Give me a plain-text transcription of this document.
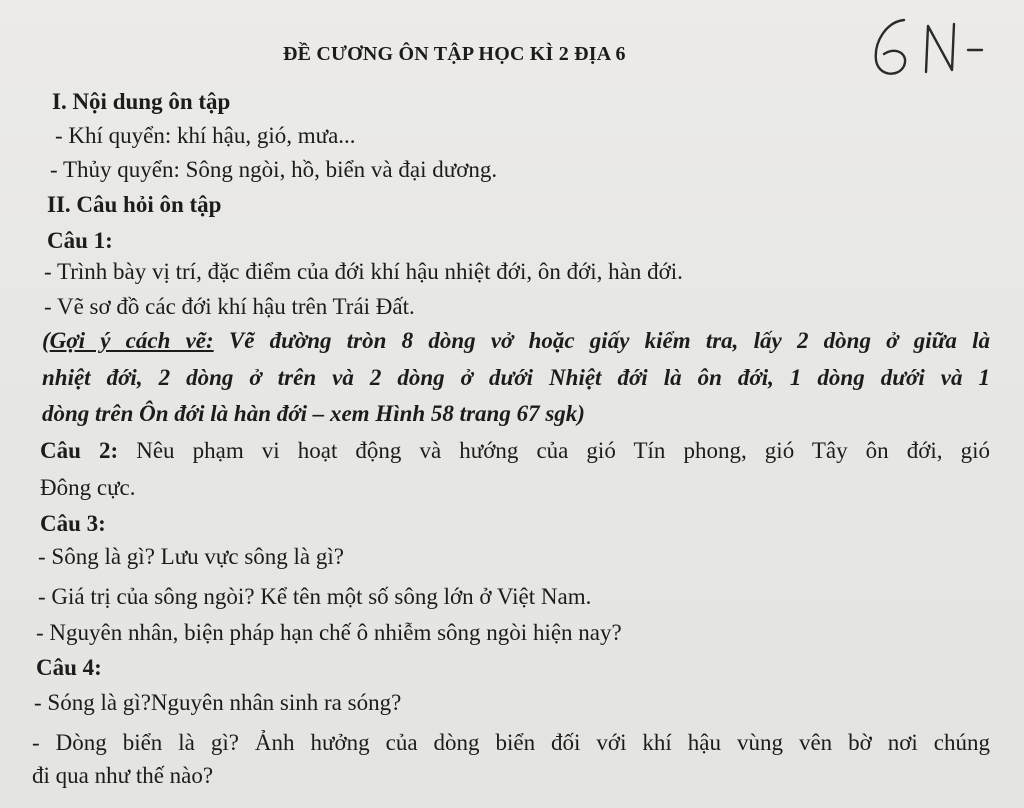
ĐỀ CƯƠNG ÔN TẬP HỌC KÌ 2 ĐỊA 6
I. Nội dung ôn tập
- Khí quyển: khí hậu, gió, mưa...
- Thủy quyển: Sông ngòi, hồ, biển và đại dương.
II. Câu hỏi ôn tập
Câu 1:
- Trình bày vị trí, đặc điểm của đới khí hậu nhiệt đới, ôn đới, hàn đới.
- Vẽ sơ đồ các đới khí hậu trên Trái Đất.
(Gợi ý cách vẽ: Vẽ đường tròn 8 dòng vở hoặc giấy kiểm tra, lấy 2 dòng ở giữa là
nhiệt đới, 2 dòng ở trên và 2 dòng ở dưới Nhiệt đới là ôn đới, 1 dòng dưới và 1
dòng trên Ôn đới là hàn đới – xem Hình 58 trang 67 sgk)
Câu 2: Nêu phạm vi hoạt động và hướng của gió Tín phong, gió Tây ôn đới, gió
Đông cực.
Câu 3:
- Sông là gì? Lưu vực sông là gì?
- Giá trị của sông ngòi? Kể tên một số sông lớn ở Việt Nam.
- Nguyên nhân, biện pháp hạn chế ô nhiễm sông ngòi hiện nay?
Câu 4:
- Sóng là gì?Nguyên nhân sinh ra sóng?
- Dòng biển là gì? Ảnh hưởng của dòng biển đối với khí hậu vùng vên bờ nơi chúng
đi qua như thế nào?
